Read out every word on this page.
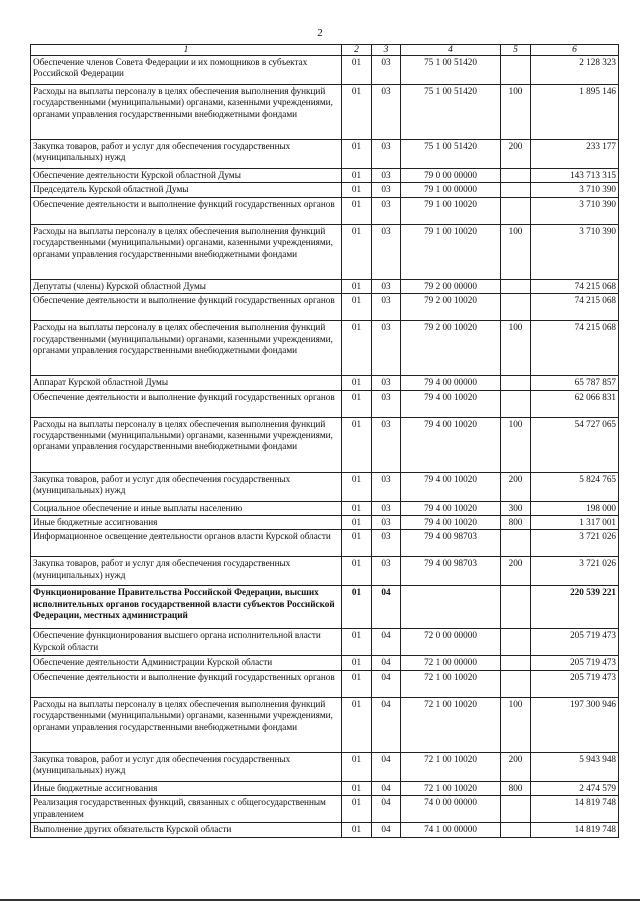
2
1	2	3	4	5	6
Обеспечение членов Совета Федерации и их помощников в субъектах Российской Федерации	01	03	75 1 00 51420		2 128 323
Расходы на выплаты персоналу в целях обеспечения выполнения функций государственными (муниципальными) органами, казенными учреждениями, органами управления государственными внебюджетными фондами	01	03	75 1 00 51420	100	1 895 146
Закупка товаров, работ и услуг для обеспечения государственных (муниципальных) нужд	01	03	75 1 00 51420	200	233 177
Обеспечение деятельности Курской областной Думы	01	03	79 0 00 00000		143 713 315
Председатель Курской областной Думы	01	03	79 1 00 00000		3 710 390
Обеспечение деятельности и выполнение функций государственных органов	01	03	79 1 00 10020		3 710 390
Расходы на выплаты персоналу в целях обеспечения выполнения функций государственными (муниципальными) органами, казенными учреждениями, органами управления государственными внебюджетными фондами	01	03	79 1 00 10020	100	3 710 390
Депутаты (члены) Курской областной Думы	01	03	79 2 00 00000		74 215 068
Обеспечение деятельности и выполнение функций государственных органов	01	03	79 2 00 10020		74 215 068
Расходы на выплаты персоналу в целях обеспечения выполнения функций государственными (муниципальными) органами, казенными учреждениями, органами управления государственными внебюджетными фондами	01	03	79 2 00 10020	100	74 215 068
Аппарат Курской областной Думы	01	03	79 4 00 00000		65 787 857
Обеспечение деятельности и выполнение функций государственных органов	01	03	79 4 00 10020		62 066 831
Расходы на выплаты персоналу в целях обеспечения выполнения функций государственными (муниципальными) органами, казенными учреждениями, органами управления государственными внебюджетными фондами	01	03	79 4 00 10020	100	54 727 065
Закупка товаров, работ и услуг для обеспечения государственных (муниципальных) нужд	01	03	79 4 00 10020	200	5 824 765
Социальное обеспечение и иные выплаты населению	01	03	79 4 00 10020	300	198 000
Иные бюджетные ассигнования	01	03	79 4 00 10020	800	1 317 001
Информационное освещение деятельности органов власти Курской области	01	03	79 4 00 98703		3 721 026
Закупка товаров, работ и услуг для обеспечения государственных (муниципальных) нужд	01	03	79 4 00 98703	200	3 721 026
Функционирование Правительства Российской Федерации, высших исполнительных органов государственной власти субъектов Российской Федерации, местных администраций	01	04			220 539 221
Обеспечение функционирования высшего органа исполнительной власти Курской области	01	04	72 0 00 00000		205 719 473
Обеспечение деятельности Администрации Курской области	01	04	72 1 00 00000		205 719 473
Обеспечение деятельности и выполнение функций государственных органов	01	04	72 1 00 10020		205 719 473
Расходы на выплаты персоналу в целях обеспечения выполнения функций государственными (муниципальными) органами, казенными учреждениями, органами управления государственными внебюджетными фондами	01	04	72 1 00 10020	100	197 300 946
Закупка товаров, работ и услуг для обеспечения государственных (муниципальных) нужд	01	04	72 1 00 10020	200	5 943 948
Иные бюджетные ассигнования	01	04	72 1 00 10020	800	2 474 579
Реализация государственных функций, связанных с общегосударственным управлением	01	04	74 0 00 00000		14 819 748
Выполнение других обязательств Курской области	01	04	74 1 00 00000		14 819 748
